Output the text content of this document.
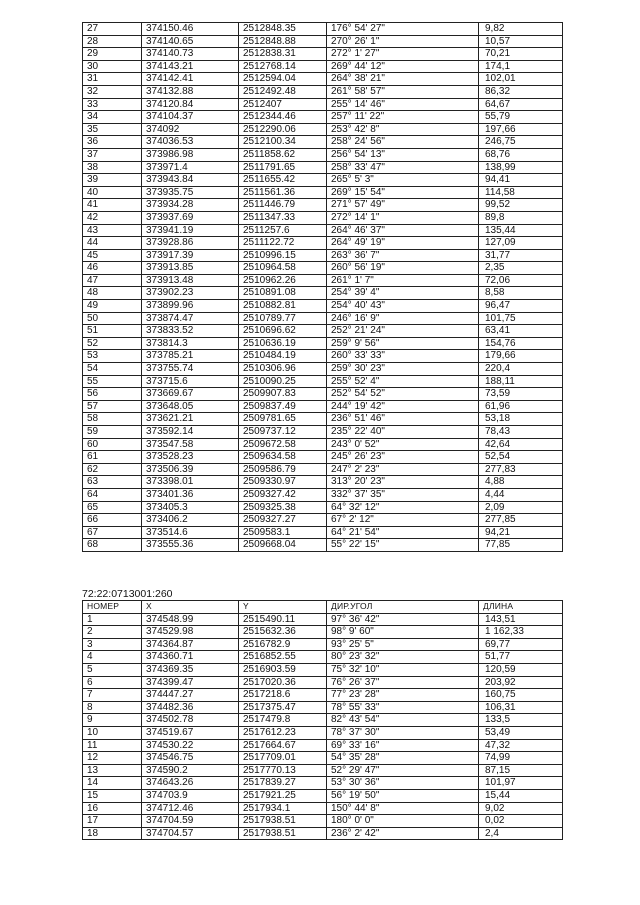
27	374150.46	2512848.35	176° 54' 27"	9,82
28	374140.65	2512848.88	270° 26' 1"	10,57
29	374140.73	2512838.31	272° 1' 27"	70,21
30	374143.21	2512768.14	269° 44' 12"	174,1
31	374142.41	2512594.04	264° 38' 21"	102,01
32	374132.88	2512492.48	261° 58' 57"	86,32
33	374120.84	2512407	255° 14' 46"	64,67
34	374104.37	2512344.46	257° 11' 22"	55,79
35	374092	2512290.06	253° 42' 8"	197,66
36	374036.53	2512100.34	258° 24' 56"	246,75
37	373986.98	2511858.62	256° 54' 13"	68,76
38	373971.4	2511791.65	258° 33' 47"	138,99
39	373943.84	2511655.42	265° 5' 3"	94,41
40	373935.75	2511561.36	269° 15' 54"	114,58
41	373934.28	2511446.79	271° 57' 49"	99,52
42	373937.69	2511347.33	272° 14' 1"	89,8
43	373941.19	2511257.6	264° 46' 37"	135,44
44	373928.86	2511122.72	264° 49' 19"	127,09
45	373917.39	2510996.15	263° 36' 7"	31,77
46	373913.85	2510964.58	260° 56' 19"	2,35
47	373913.48	2510962.26	261° 1' 7"	72,06
48	373902.23	2510891.08	254° 39' 4"	8,58
49	373899.96	2510882.81	254° 40' 43"	96,47
50	373874.47	2510789.77	246° 16' 9"	101,75
51	373833.52	2510696.62	252° 21' 24"	63,41
52	373814.3	2510636.19	259° 9' 56"	154,76
53	373785.21	2510484.19	260° 33' 33"	179,66
54	373755.74	2510306.96	259° 30' 23"	220,4
55	373715.6	2510090.25	255° 52' 4"	188,11
56	373669.67	2509907.83	252° 54' 52"	73,59
57	373648.05	2509837.49	244° 19' 42"	61,96
58	373621.21	2509781.65	236° 51' 46"	53,18
59	373592.14	2509737.12	235° 22' 40"	78,43
60	373547.58	2509672.58	243° 0' 52"	42,64
61	373528.23	2509634.58	245° 26' 23"	52,54
62	373506.39	2509586.79	247° 2' 23"	277,83
63	373398.01	2509330.97	313° 20' 23"	4,88
64	373401.36	2509327.42	332° 37' 35"	4,44
65	373405.3	2509325.38	64° 32' 12"	2,09
66	373406.2	2509327.27	67° 2' 12"	277,85
67	373514.6	2509583.1	64° 21' 54"	94,21
68	373555.36	2509668.04	55° 22' 15"	77,85
72:22:0713001:260
НОМЕР	X	Y	ДИР.УГОЛ	ДЛИНА
1	374548.99	2515490.11	97° 36' 42"	143,51
2	374529.98	2515632.36	98° 9' 60"	1 162,33
3	374364.87	2516782.9	93° 25' 5"	69,77
4	374360.71	2516852.55	80° 23' 32"	51,77
5	374369.35	2516903.59	75° 32' 10"	120,59
6	374399.47	2517020.36	76° 26' 37"	203,92
7	374447.27	2517218.6	77° 23' 28"	160,75
8	374482.36	2517375.47	78° 55' 33"	106,31
9	374502.78	2517479.8	82° 43' 54"	133,5
10	374519.67	2517612.23	78° 37' 30"	53,49
11	374530.22	2517664.67	69° 33' 16"	47,32
12	374546.75	2517709.01	54° 35' 28"	74,99
13	374590.2	2517770.13	52° 29' 47"	87,15
14	374643.26	2517839.27	53° 30' 36"	101,97
15	374703.9	2517921.25	56° 19' 50"	15,44
16	374712.46	2517934.1	150° 44' 8"	9,02
17	374704.59	2517938.51	180° 0' 0"	0,02
18	374704.57	2517938.51	236° 2' 42"	2,4
